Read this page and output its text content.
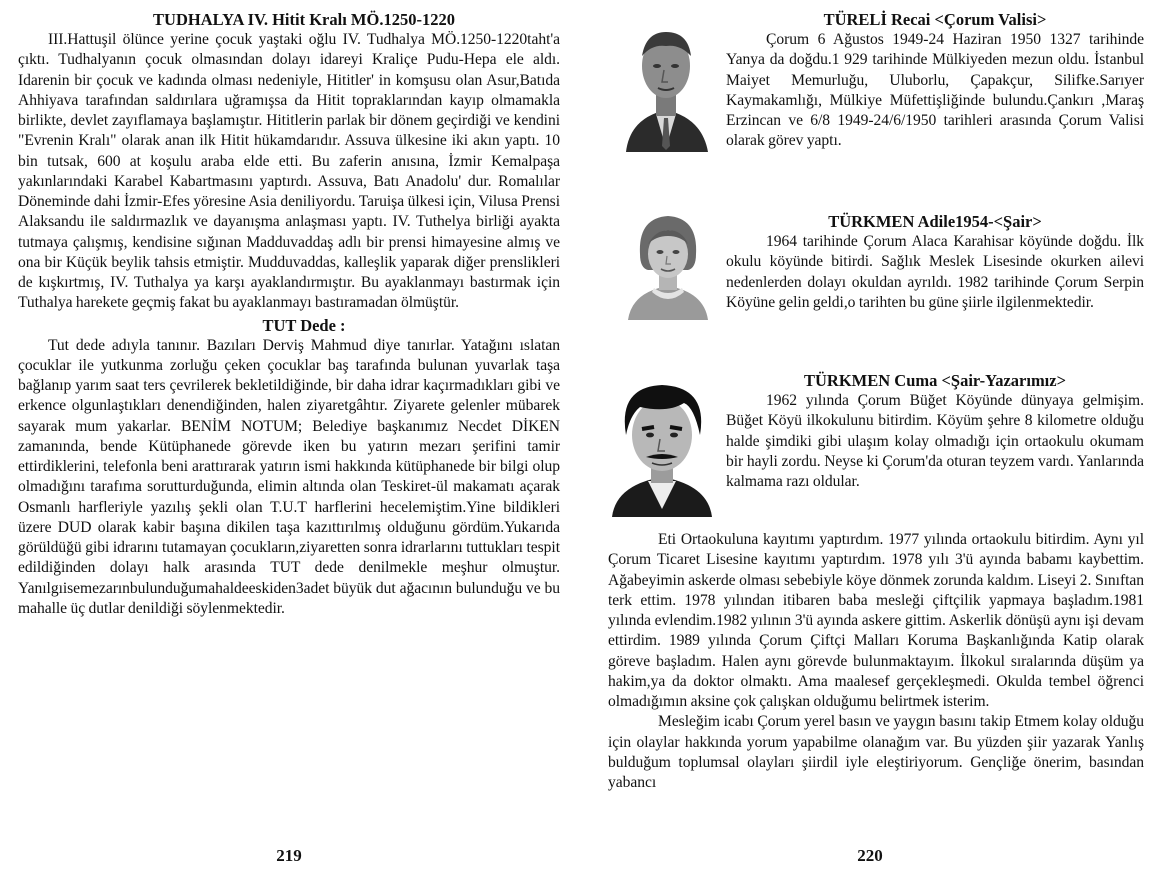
TUDHALYA IV. Hitit Kralı MÖ.1250-1220

III.Hattuşil ölünce yerine çocuk yaştaki oğlu IV. Tudhalya MÖ.1250-1220taht'a çıktı. Tudhalyanın çocuk olmasından dolayı idareyi Kraliçe Pudu-Hepa ele aldı. Idarenin bir çocuk ve kadında olması nedeniyle, Hititler' in komşusu olan Asur,Batıda Ahhiyava tarafından saldırılara uğramışsa da Hitit topraklarından kayıp olmamakla birlikte, devlet zayıflamaya başlamıştır. Hititlerin parlak bir dönem geçirdiği ve kendini "Evrenin Kralı" olarak anan ilk Hitit hükamdarıdır. Assuva ülkesine iki akın yaptı. 10 bin tutsak, 600 at koşulu araba elde etti. Bu zaferin anısına, İzmir Kemalpaşa yakınlarındaki Karabel Kabartmasını yaptırdı. Assuva, Batı Anadolu' dur. Romalılar Döneminde dahi İzmir-Efes yöresine Asia deniliyordu. Taruişa ülkesi için, Vilusa Prensi Alaksandu ile saldırmazlık ve dayanışma anlaşması yaptı. IV. Tuthelya birliği ayakta tutmaya çalışmış, kendisine sığınan Madduvaddaş adlı bir prensi himayesine almış ve ona bir Küçük beylik tahsis etmiştir. Mudduvaddas, kalleşlik yaparak diğer prenslikleri de kışkırtmış, IV. Tuthalya ya karşı ayaklandırmıştır. Bu ayaklanmayı bastırmak için Tuthalya harekete geçmiş fakat bu ayaklanmayı bastıramadan ölmüştür.

TUT Dede :

Tut dede adıyla tanınır. Bazıları Derviş Mahmud diye tanırlar. Yatağını ıslatan çocuklar ile yutkunma zorluğu çeken çocuklar baş tarafında bulunan yuvarlak taşa bağlanıp yarım saat ters çevrilerek bekletildiğinde, bir daha idrar kaçırmadıkları gibi ve erkence olgunlaştıkları denendiğinden, halen ziyaretgâhtır. Ziyarete gelenler mübarek sayarak mum yakarlar. BENİM NOTUM; Belediye başkanımız Necdet DİKEN zamanında, bende Kütüphanede görevde iken bu yatırın mezarı şerifini tamir ettirdiklerini, telefonla beni arattırarak yatırın ismi hakkında kütüphanede bir bilgi olup olmadığını tarafıma sorutturduğunda, elimin altında olan Teskiret-ül makamatı açarak Osmanlı harfleriyle yazılış şekli olan T.U.T harflerini hecelemiştim.Yine bildikleri üzere DUD olarak kabir başına dikilen taşa kazıttırılmış olduğunu gördüm.Yukarıda görüldüğü gibi idrarını tutamayan çocukların,ziyaretten sonra idrarlarını tuttukları tespit edildiğinden dolayı halk arasında TUT dede denilmekle meşhur olmuştur. Yanılgıisemezarınbulunduğumahaldeeskiden3adet büyük dut ağacının bulunduğu ve bu mahalle üç dutlar denildiği söylenmektedir.

219
TÜRELİ Recai <Çorum Valisi>

Çorum 6 Ağustos 1949-24 Haziran 1950 1327 tarihinde Yanya da doğdu.1 929 tarihinde Mülkiyeden mezun oldu. İstanbul Maiyet Memurluğu, Uluborlu, Çapakçur, Silifke.Sarıyer Kaymakamlığı, Mülkiye Müfettişliğinde bulundu.Çankırı ,Maraş Erzincan ve 6/8 1949-24/6/1950 tarihleri arasında Çorum Valisi olarak görev yaptı.

TÜRKMEN Adile1954-<Şair>

1964 tarihinde Çorum Alaca Karahisar köyünde doğdu. İlk okulu köyünde bitirdi. Sağlık Meslek Lisesinde okurken ailevi nedenlerden dolayı okuldan ayrıldı. 1982 tarihinde Çorum Serpin Köyüne gelin geldi,o tarihten bu güne şiirle ilgilenmektedir.

TÜRKMEN Cuma <Şair-Yazarımız>

1962 yılında Çorum Büğet Köyünde dünyaya gelmişim. Büğet Köyü ilkokulunu bitirdim. Köyüm şehre 8 kilometre olduğu halde şimdiki gibi ulaşım kolay olmadığı için ortaokulu okumam bir hayli zordu. Neyse ki Çorum'da oturan teyzem vardı. Yanlarında kalmama razı oldular.

Eti Ortaokuluna kayıtımı yaptırdım. 1977 yılında ortaokulu bitirdim. Aynı yıl Çorum Ticaret Lisesine kayıtımı yaptırdım. 1978 yılı 3'ü ayında babamı kaybettim. Ağabeyimin askerde olması sebebiyle köye dönmek zorunda kaldım. Liseyi 2. Sınıftan terk ettim. 1978 yılından itibaren baba mesleği çiftçilik yapmaya başladım.1981 yılında evlendim.1982 yılının 3'ü ayında askere gittim. Askerlik dönüşü aynı işi devam ettirdim. 1989 yılında Çorum Çiftçi Malları Koruma Başkanlığında Katip olarak göreve başladım. Halen aynı görevde bulunmaktayım. İlkokul sıralarında düşüm ya hakim,ya da doktor olmaktı. Ama maalesef gerçekleşmedi. Okulda tembel öğrenci olmadığımın aksine çok çalışkan olduğumu belirtmek isterim.

Mesleğim icabı Çorum yerel basın ve yaygın basını takip Etmem kolay olduğu için olaylar hakkında yorum yapabilme olanağım var. Bu yüzden şiir yazarak Yanlış bulduğum toplumsal olayları şiirdil iyle eleştiriyorum. Gençliğe önerim, basından yabancı

220
